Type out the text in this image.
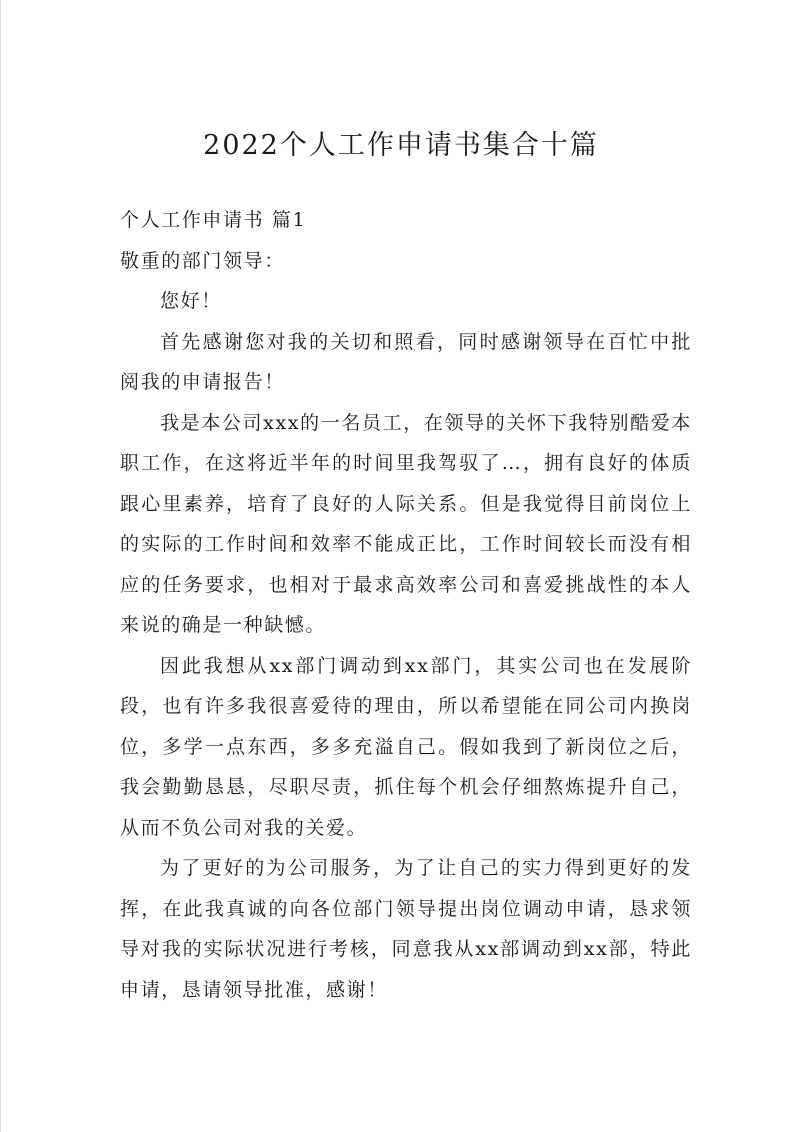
2022个人工作申请书集合十篇

个人工作申请书 篇1

敬重的部门领导：

您好！

首先感谢您对我的关切和照看，同时感谢领导在百忙中批阅我的申请报告！

我是本公司xxx的一名员工，在领导的关怀下我特别酷爱本职工作，在这将近半年的时间里我驾驭了…，拥有良好的体质跟心里素养，培育了良好的人际关系。但是我觉得目前岗位上的实际的工作时间和效率不能成正比，工作时间较长而没有相应的任务要求，也相对于最求高效率公司和喜爱挑战性的本人来说的确是一种缺憾。

因此我想从xx部门调动到xx部门，其实公司也在发展阶段，也有许多我很喜爱待的理由，所以希望能在同公司内换岗位，多学一点东西，多多充溢自己。假如我到了新岗位之后，我会勤勤恳恳，尽职尽责，抓住每个机会仔细熬炼提升自己，从而不负公司对我的关爱。

为了更好的为公司服务，为了让自己的实力得到更好的发挥，在此我真诚的向各位部门领导提出岗位调动申请，恳求领导对我的实际状况进行考核，同意我从xx部调动到xx部，特此申请，恳请领导批准，感谢！
